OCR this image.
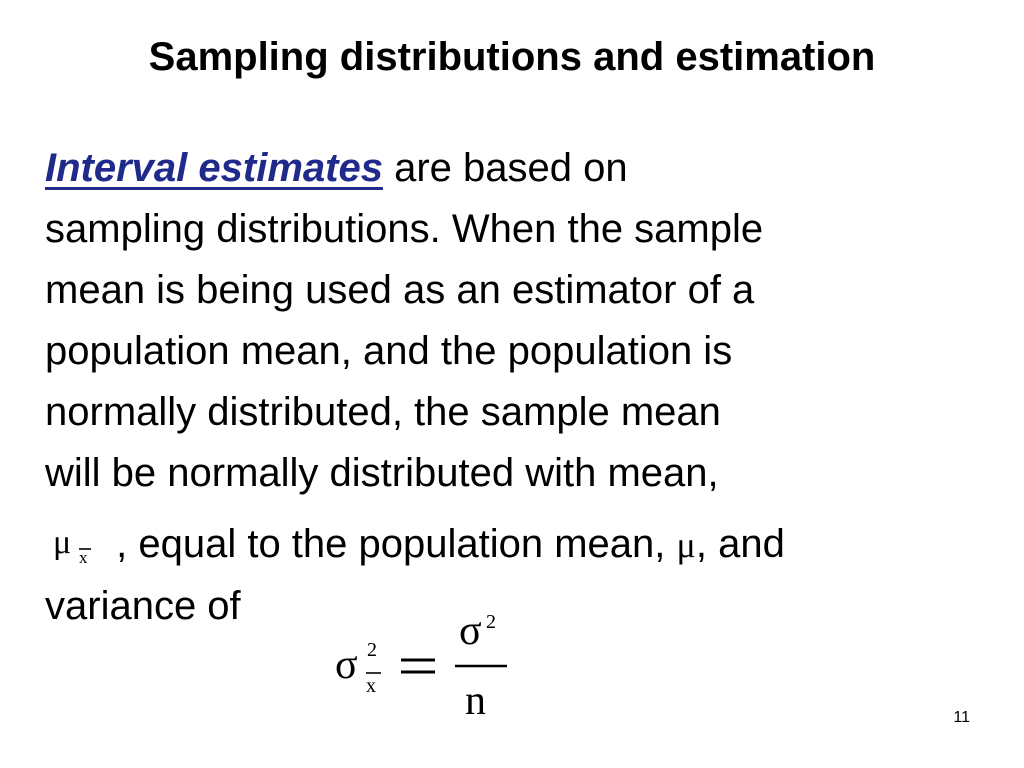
Sampling distributions and estimation
Interval estimates are based on
sampling distributions. When the sample
mean is being used as an estimator of a
population mean, and the population is
normally distributed, the sample mean
will be normally distributed with mean,
μ x , equal to the population mean, μ, and
variance of
σ 2
x
σ 2
n	11
